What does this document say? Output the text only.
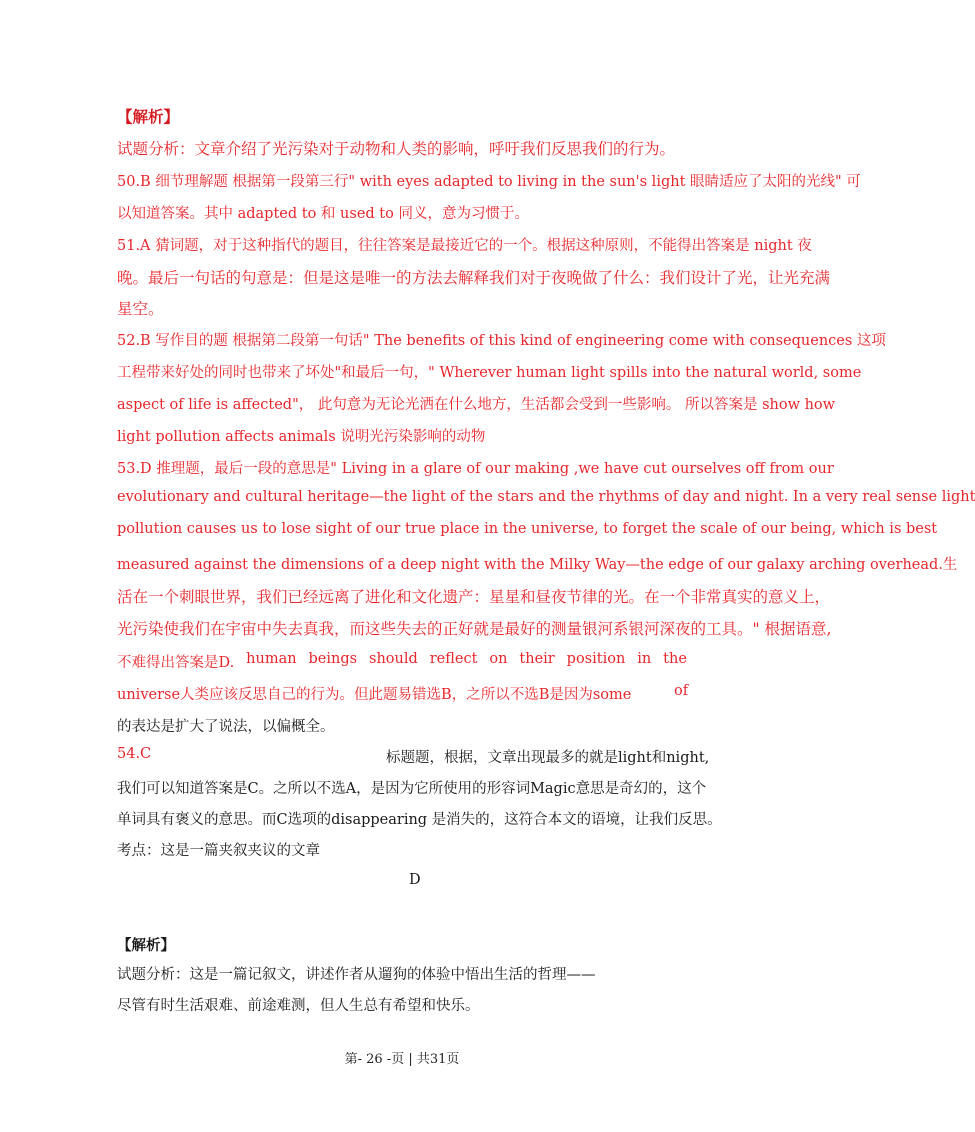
【解析】
试题分析：文章介绍了光污染对于动物和人类的影响，呼吁我们反思我们的行为。
50.B 细节理解题 根据第一段第三行" with eyes adapted to living in the sun's light 眼睛适应了太阳的光线" 可
以知道答案。其中 adapted to 和 used to 同义，意为习惯于。
51.A 猜词题，对于这种指代的题目，往往答案是最接近它的一个。根据这种原则，不能得出答案是 night 夜
晚。最后一句话的句意是：但是这是唯一的方法去解释我们对于夜晚做了什么：我们设计了光，让光充满
星空。
52.B 写作目的题 根据第二段第一句话" The benefits of this kind of engineering come with consequences 这项
工程带来好处的同时也带来了坏处"和最后一句，" Wherever human light spills into the natural world, some
aspect of life is affected"， 此句意为无论光洒在什么地方，生活都会受到一些影响。 所以答案是 show how
light pollution affects animals 说明光污染影响的动物
53.D 推理题，最后一段的意思是" Living in a glare of our making ,we have cut ourselves off from our
evolutionary and cultural heritage—the light of the stars and the rhythms of day and night. In a very real sense light
pollution causes us to lose sight of our true place in the universe, to forget the scale of our being, which is best
measured against the dimensions of a deep night with the Milky Way—the edge of our galaxy arching overhead.生
活在一个刺眼世界，我们已经远离了进化和文化遗产：星星和昼夜节律的光。在一个非常真实的意义上，
光污染使我们在宇宙中失去真我，而这些失去的正好就是最好的测量银河系银河深夜的工具。" 根据语意,
不难得出答案是D. human beings should reflect on their position in the
universe人类应该反思自己的行为。但此题易错选B，之所以不选B是因为some	of
的表达是扩大了说法，以偏概全。
54.C	标题题，根据，文章出现最多的就是light和night,
我们可以知道答案是C。之所以不选A，是因为它所使用的形容词Magic意思是奇幻的，这个
单词具有褒义的意思。而C选项的disappearing 是消失的，这符合本文的语境，让我们反思。
考点：这是一篇夹叙夹议的文章
D
【解析】
试题分析：这是一篇记叙文，讲述作者从遛狗的体验中悟出生活的哲理——
尽管有时生活艰难、前途难测，但人生总有希望和快乐。
第- 26 -页 | 共31页
